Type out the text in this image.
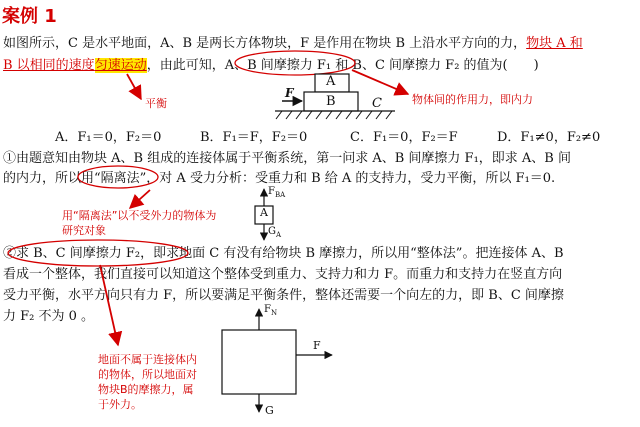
案例 1
如图所示，C 是水平地面，A、B 是两长方体物块，F 是作用在物块 B 上沿水平方向的力，物块 A 和
B 以相同的速度匀速运动，由此可知，A、B 间摩擦力 F₁ 和 B、C 间摩擦力 F₂ 的值为(　　)
平衡	物体间的作用力，即内力
A．F₁＝0，F₂＝0	B．F₁＝F，F₂＝0	C．F₁＝0，F₂＝F	D．F₁≠0，F₂≠0
①由题意知由物块 A、B 组成的连接体属于平衡系统，第一问求 A、B 间摩擦力 F₁，即求 A、B 间
的内力，所以用“隔离法”，对 A 受力分析：受重力和 B 给 A 的支持力，受力平衡，所以 F₁＝0.
用“隔离法”以不受外力的物体为
研究对象
②求 B、C 间摩擦力 F₂，即求地面 C 有没有给物块 B 摩擦力，所以用“整体法”。把连接体 A、B
看成一个整体，我们直接可以知道这个整体受到重力、支持力和力 F。而重力和支持力在竖直方向
受力平衡，水平方向只有力 F，所以要满足平衡条件，整体还需要一个向左的力，即 B、C 间摩擦
力 F₂ 不为 0 。
地面不属于连接体内
的物体，所以地面对
物块B的摩擦力，属
于外力。
A
B	C
F
A
$F_{BA}$
$G_A$
$F_N$
F
G
